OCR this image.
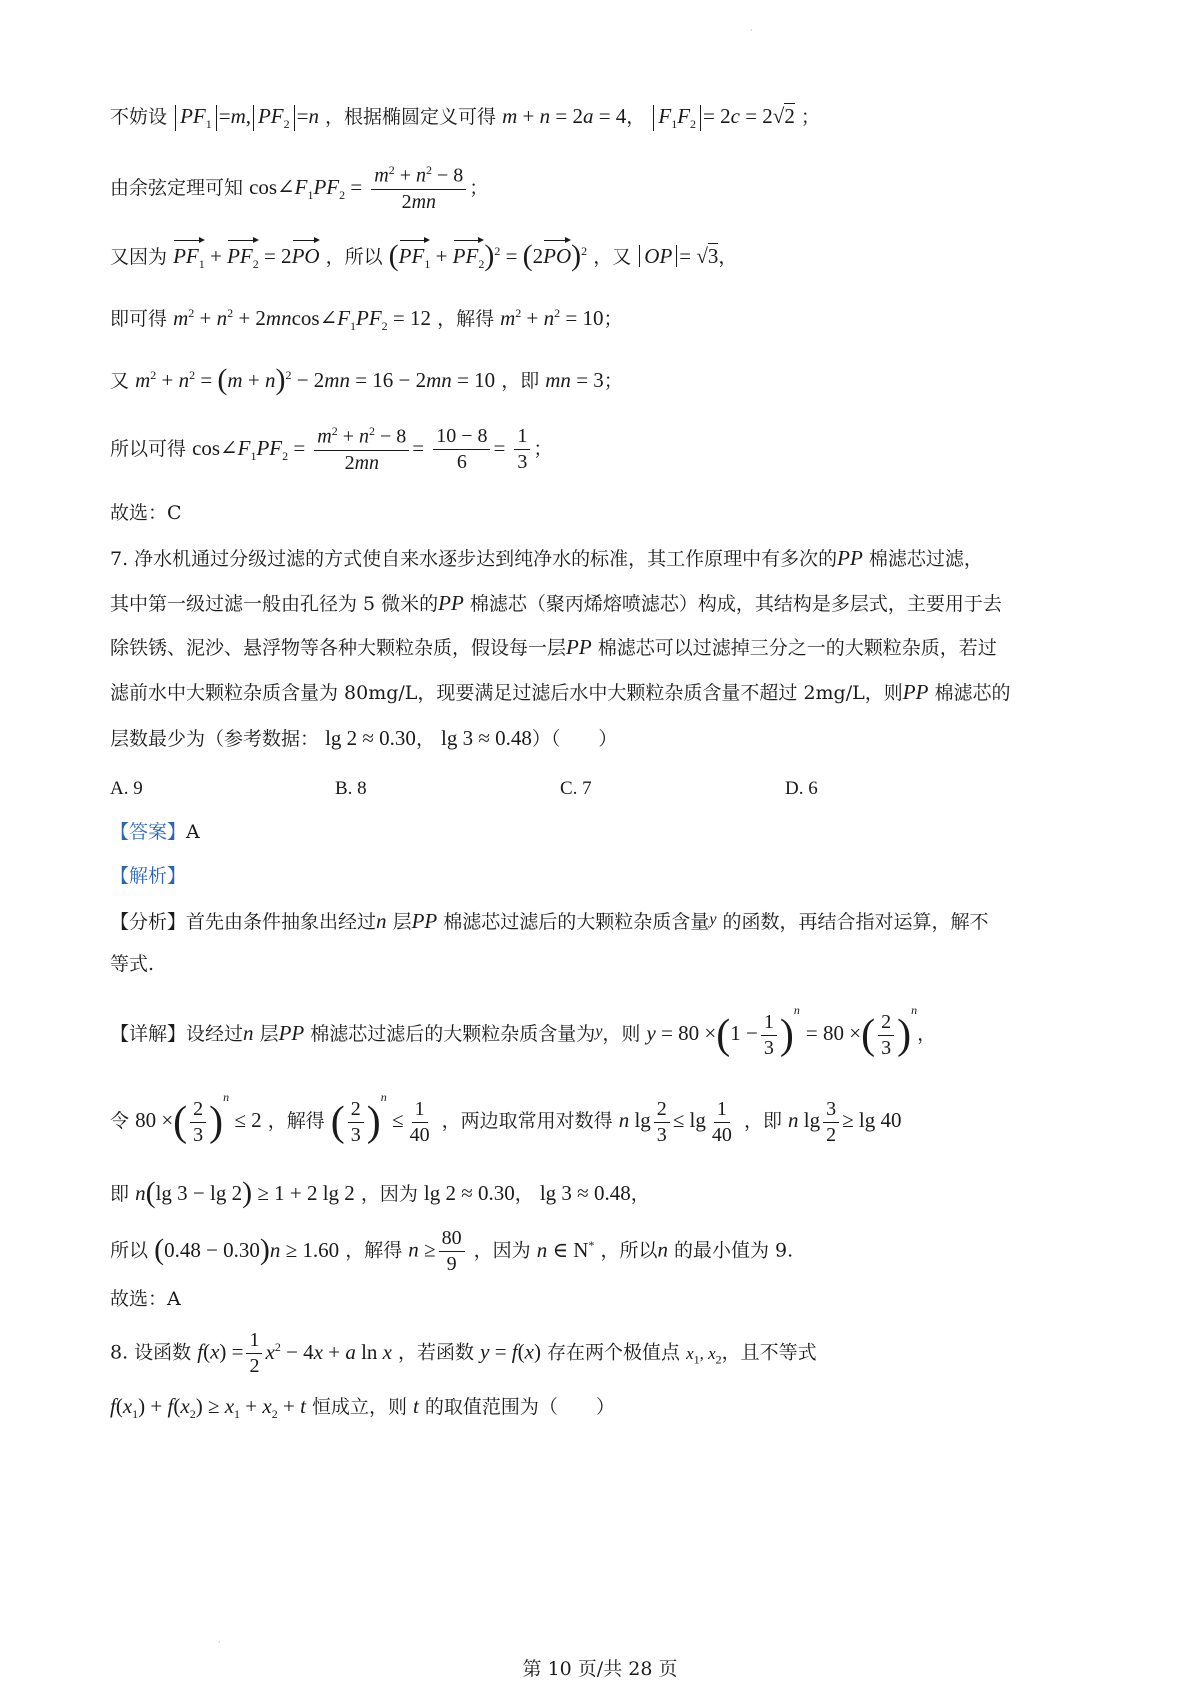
不妨设 $PF_1 =m$, $PF_2 =n$ ，根据椭圆定义可得 m + n = 2a = 4， $F_1F_2 = 2c = 2√2$ ；
由余弦定理可知 $\cos\angle F_1PF_2 = \frac{m^2 + n^2 - 8}{2mn}$ ；
又因为 $PF_1 + PF_2 = 2PO$ ，所以 $(PF_1 + PF_2)^2 = (2PO)^2$ ，又 OP = √3，
即可得 $m^2 + n^2$ + $2mncos\angle F_1PF_2 = 12$ ，解得 $m^2 + n^2 = 10$；
又 $m^2 + n^2 = (m + n)^2 - 2mn = 16 - 2mn = 10$ ，即 mn = 3；
所以可得 $\cos\angle F_1PF_2 = \frac{m^2 + n^2 - 8}{2mn} = \frac{10 - 8}{6} = \frac{1}{3}$ ；
故选：C
7. 净水机通过分级过滤的方式使自来水逐步达到纯净水的标准，其工作原理中有多次的PP 棉滤芯过滤，
其中第一级过滤一般由孔径为 5 微米的PP 棉滤芯（聚丙烯熔喷滤芯）构成，其结构是多层式，主要用于去
除铁锈、泥沙、悬浮物等各种大颗粒杂质，假设每一层PP 棉滤芯可以过滤掉三分之一的大颗粒杂质，若过
滤前水中大颗粒杂质含量为 80mg/L，现要满足过滤后水中大颗粒杂质含量不超过 2mg/L，则PP 棉滤芯的
层数最少为（参考数据： lg 2 ≈ 0.30， lg 3 ≈ 0.48）（　　）
A. 9	B. 8	C. 7	D. 6
【答案】A
【解析】
【分析】首先由条件抽象出经过n 层PP 棉滤芯过滤后的大颗粒杂质含量$^y$ 的函数，再结合指对运算，解不
等式.
【详解】设经过n 层PP 棉滤芯过滤后的大颗粒杂质含量为$^y$，则 $y = 80 \times(1 - \frac{1}{3} )^n = 80$ ×( $\frac{2}{3} )^n$，
令 80 ×( $\frac{2}{3} )^n \le 2$ ，解得 ( $\frac{2}{3} )^n \le \frac{1}{40}$ ，两边取常用对数得 n $\lg \frac{2}{3} \le \lg \frac{1}{40}$ ，即 n $\lg \frac{3}{2} \ge \lg 40$
即 n(lg 3 − lg 2) ≥ 1 + 2 lg 2 ，因为 lg 2 ≈ 0.30， lg 3 ≈ 0.48，
所以 (0.48 − 0.30)n ≥ 1.60 ，解得 $n \ge \frac{80}{9}$ ，因为 n ∈ N* ，所以n 的最小值为 9.
故选：A
8. 设函数 $f(x) = \frac{1}{2} x^2 - 4x + a$ ln x ，若函数 y = f(x) 存在两个极值点 $x_1$, $x_2$，且不等式
$f(x_1) + f(x_2) \ge x_1 + x_2 + t$ 恒成立，则 t 的取值范围为（　　）
·
·
第 10 页/共 28 页
